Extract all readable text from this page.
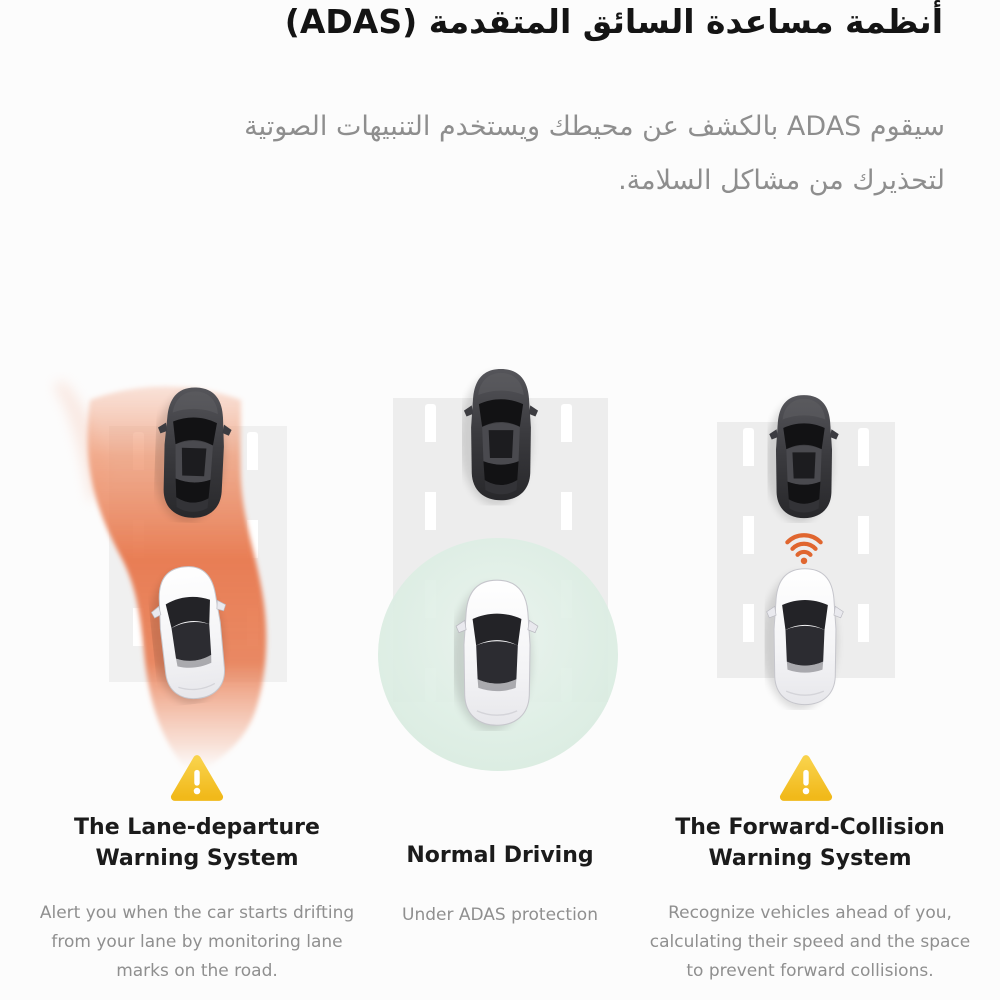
أنظمة مساعدة السائق المتقدمة (ADAS)
سيقوم ADAS بالكشف عن محيطك ويستخدم التنبيهات الصوتية
لتحذيرك من مشاكل السلامة.
The Lane-departure
Warning System
Alert you when the car starts drifting from your lane by monitoring lane marks on the road.
Normal Driving
Under ADAS protection
The Forward-Collision
Warning System
Recognize vehicles ahead of you, calculating their speed and the space to prevent forward collisions.
